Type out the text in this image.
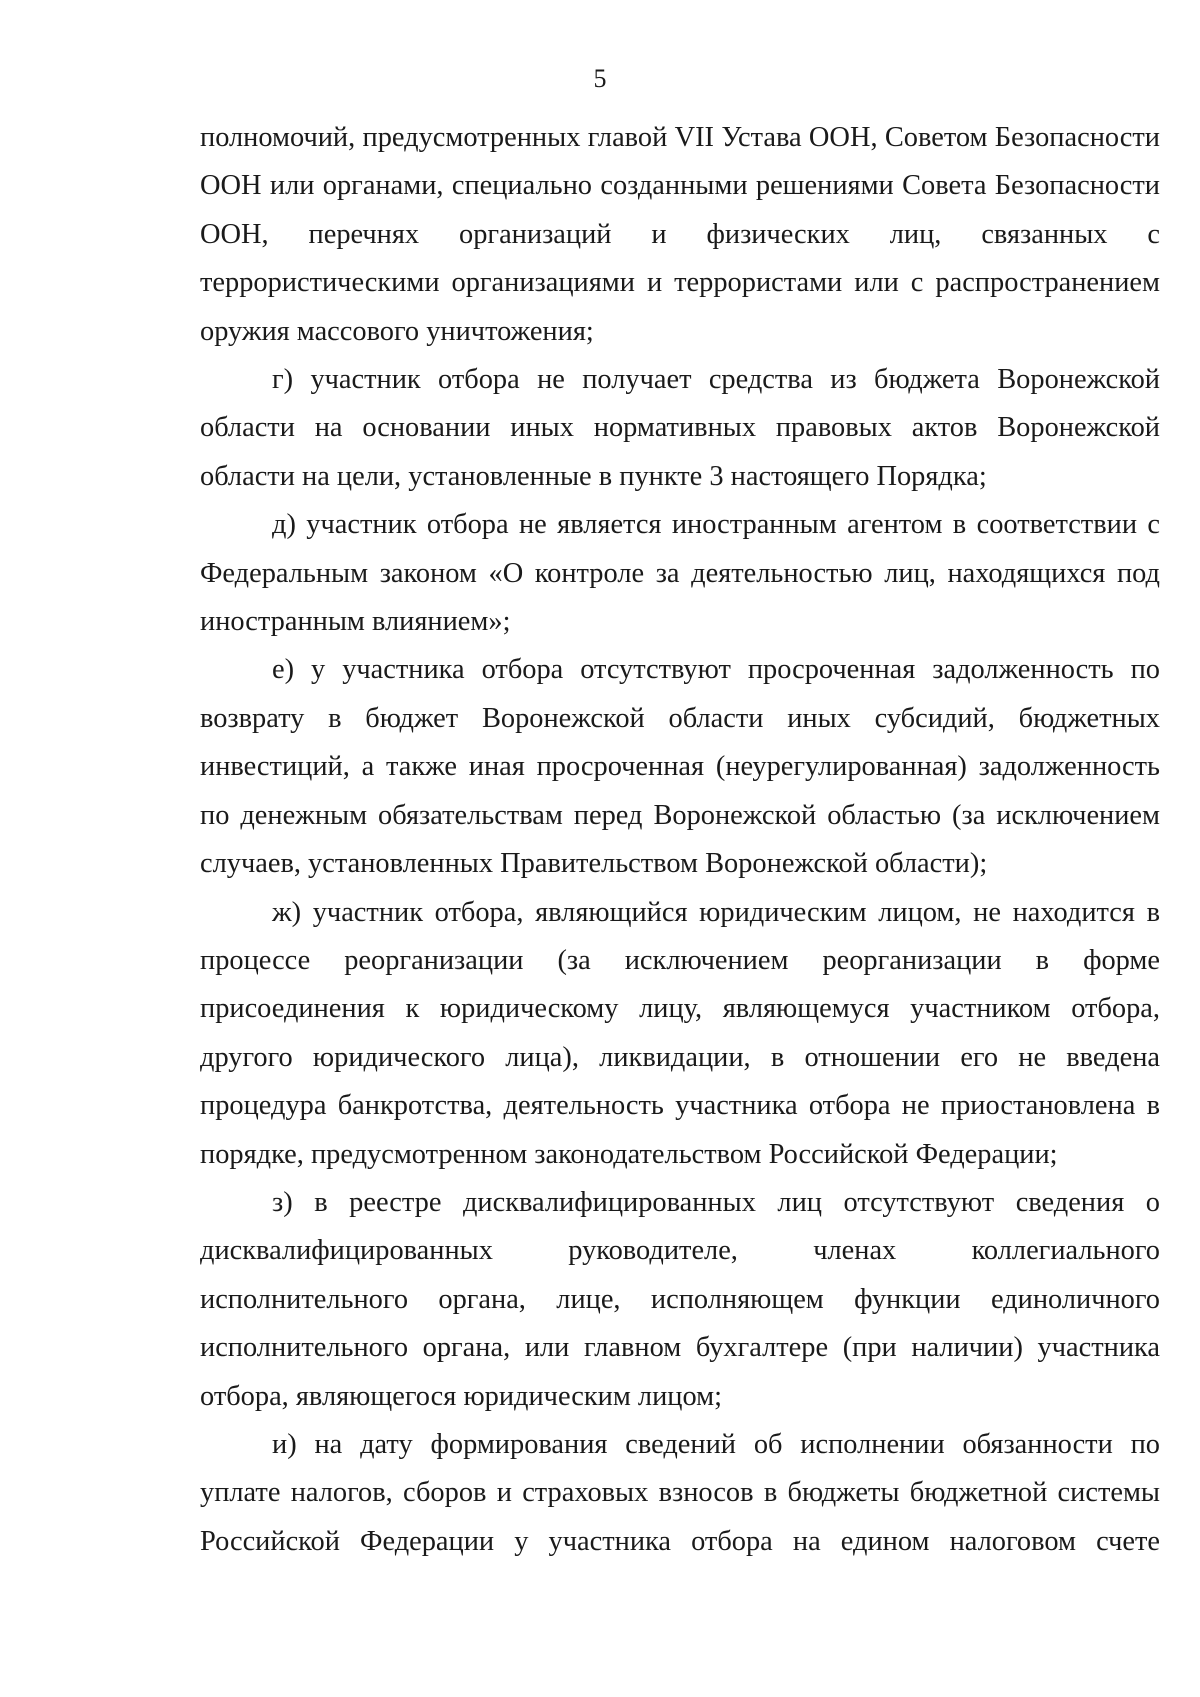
5

полномочий, предусмотренных главой VII Устава ООН, Советом Безопасности ООН или органами, специально созданными решениями Совета Безопасности ООН, перечнях организаций и физических лиц, связанных с террористическими организациями и террористами или с распространением оружия массового уничтожения;

г) участник отбора не получает средства из бюджета Воронежской области на основании иных нормативных правовых актов Воронежской области на цели, установленные в пункте 3 настоящего Порядка;

д) участник отбора не является иностранным агентом в соответствии с Федеральным законом «О контроле за деятельностью лиц, находящихся под иностранным влиянием»;

е) у участника отбора отсутствуют просроченная задолженность по возврату в бюджет Воронежской области иных субсидий, бюджетных инвестиций, а также иная просроченная (неурегулированная) задолженность по денежным обязательствам перед Воронежской областью (за исключением случаев, установленных Правительством Воронежской области);

ж) участник отбора, являющийся юридическим лицом, не находится в процессе реорганизации (за исключением реорганизации в форме присоединения к юридическому лицу, являющемуся участником отбора, другого юридического лица), ликвидации, в отношении его не введена процедура банкротства, деятельность участника отбора не приостановлена в порядке, предусмотренном законодательством Российской Федерации;

з) в реестре дисквалифицированных лиц отсутствуют сведения о дисквалифицированных руководителе, членах коллегиального исполнительного органа, лице, исполняющем функции единоличного исполнительного органа, или главном бухгалтере (при наличии) участника отбора, являющегося юридическим лицом;

и) на дату формирования сведений об исполнении обязанности по уплате налогов, сборов и страховых взносов в бюджеты бюджетной системы Российской Федерации у участника отбора на едином налоговом счете
